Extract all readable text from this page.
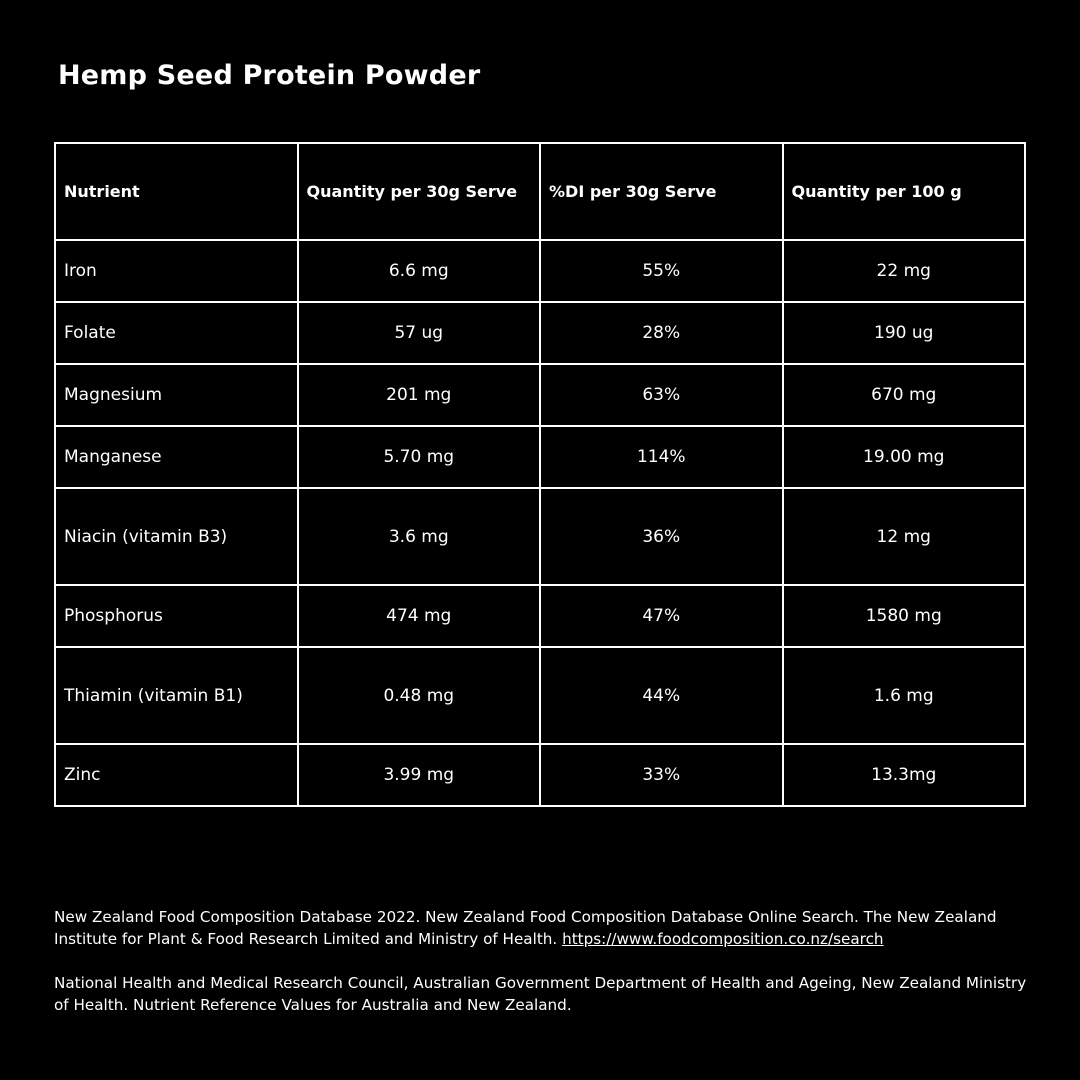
Hemp Seed Protein Powder
Nutrient	Quantity per 30g Serve	%DI per 30g Serve	Quantity per 100 g
Iron	6.6 mg	55%	22 mg
Folate	57 ug	28%	190 ug
Magnesium	201 mg	63%	670 mg
Manganese	5.70 mg	114%	19.00 mg
Niacin (vitamin B3)	3.6 mg	36%	12 mg
Phosphorus	474 mg	47%	1580 mg
Thiamin (vitamin B1)	0.48 mg	44%	1.6 mg
Zinc	3.99 mg	33%	13.3mg

New Zealand Food Composition Database 2022. New Zealand Food Composition Database Online Search. The New Zealand Institute for Plant & Food Research Limited and Ministry of Health. https://www.foodcomposition.co.nz/search

National Health and Medical Research Council, Australian Government Department of Health and Ageing, New Zealand Ministry of Health. Nutrient Reference Values for Australia and New Zealand.
